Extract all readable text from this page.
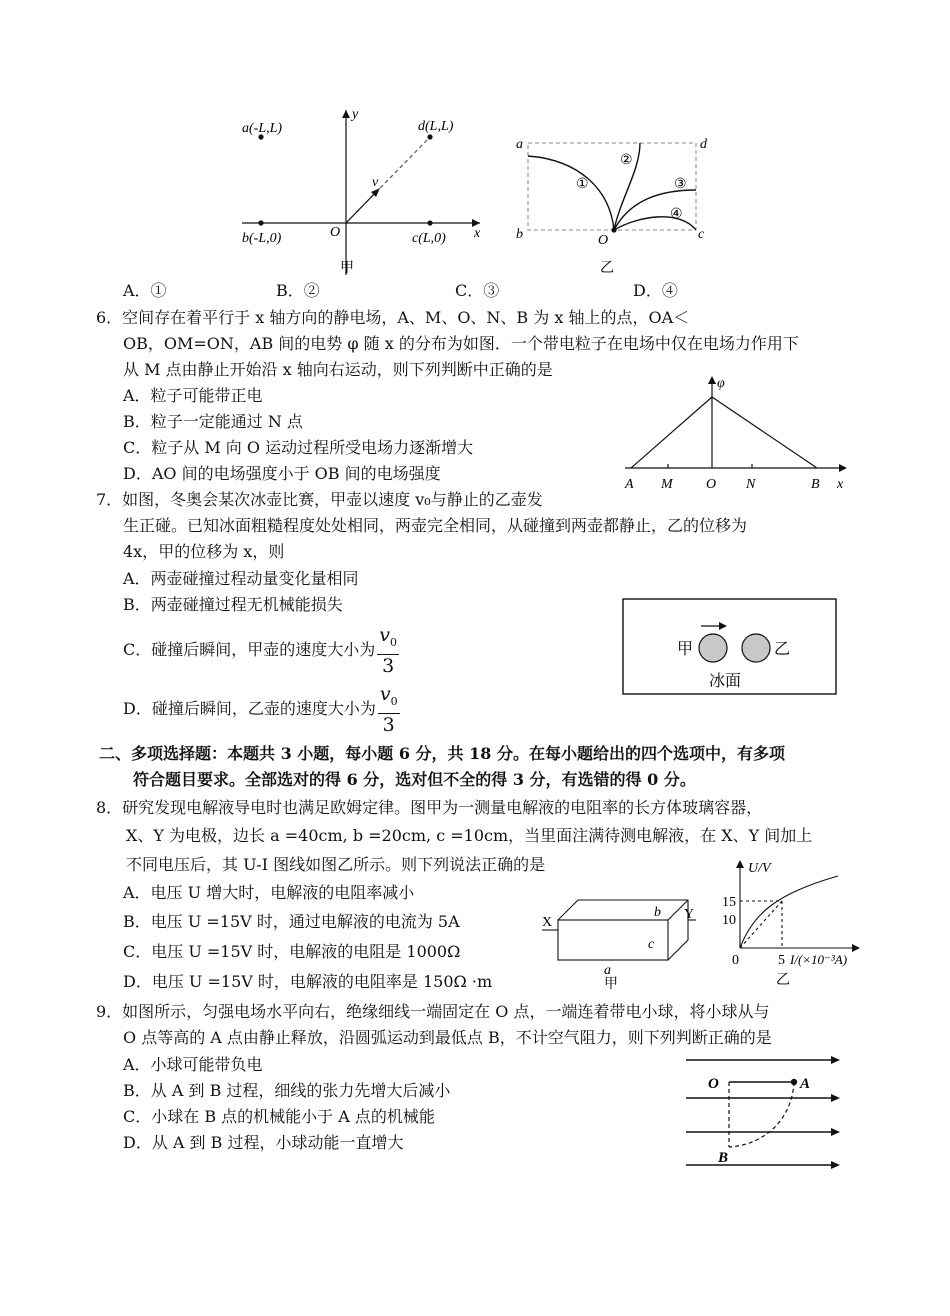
a(-L,L)
b(-L,0)	c(L,0)
d(L,L)
x
y
O
v
甲
a	d
b	c
O
①
②
③
④
乙
A．①	B．②	C．③	D．④
6．空间存在着平行于 x 轴方向的静电场，A、M、O、N、B 为 x 轴上的点，OA＜
OB，OM=ON，AB 间的电势 φ 随 x 的分布为如图．一个带电粒子在电场中仅在电场力作用下
从 M 点由静止开始沿 x 轴向右运动，则下列判断中正确的是
A．粒子可能带正电
B．粒子一定能通过 N 点
C．粒子从 M 向 O 运动过程所受电场力逐渐增大
D．AO 间的电场强度小于 OB 间的电场强度
φ
A M O N	B x
7．如图，冬奥会某次冰壶比赛，甲壶以速度 v₀与静止的乙壶发
生正碰。已知冰面粗糙程度处处相同，两壶完全相同，从碰撞到两壶都静止，乙的位移为
4x，甲的位移为 x，则
A．两壶碰撞过程动量变化量相同
B．两壶碰撞过程无机械能损失
C．碰撞后瞬间，甲壶的速度大小为 $\frac{v_0}{3}$
D．碰撞后瞬间，乙壶的速度大小为 $\frac{v_0}{3}$
甲	乙
冰面
二、多项选择题：本题共 3 小题，每小题 6 分，共 18 分。在每小题给出的四个选项中，有多项
符合题目要求。全部选对的得 6 分，选对但不全的得 3 分，有选错的得 0 分。
8．研究发现电解液导电时也满足欧姆定律。图甲为一测量电解液的电阻率的长方体玻璃容器，
X、Y 为电极，边长 a =40cm, b =20cm, c =10cm，当里面注满待测电解液，在 X、Y 间加上
不同电压后，其 U-I 图线如图乙所示。则下列说法正确的是
A．电压 U 增大时，电解液的电阻率减小
B．电压 U =15V 时，通过电解液的电流为 5A
C．电压 U =15V 时，电解液的电阻是 1000Ω
D．电压 U =15V 时，电解液的电阻率是 150Ω ·m
X
Y
b
c
a
甲
U/V
15
10
0	5 I/(×10⁻³A)
乙
9．如图所示，匀强电场水平向右，绝缘细线一端固定在 O 点，一端连着带电小球，将小球从与
O 点等高的 A 点由静止释放，沿圆弧运动到最低点 B，不计空气阻力，则下列判断正确的是
A．小球可能带负电
B．从 A 到 B 过程，细线的张力先增大后减小
C．小球在 B 点的机械能小于 A 点的机械能
D．从 A 到 B 过程，小球动能一直增大
O	A
B
